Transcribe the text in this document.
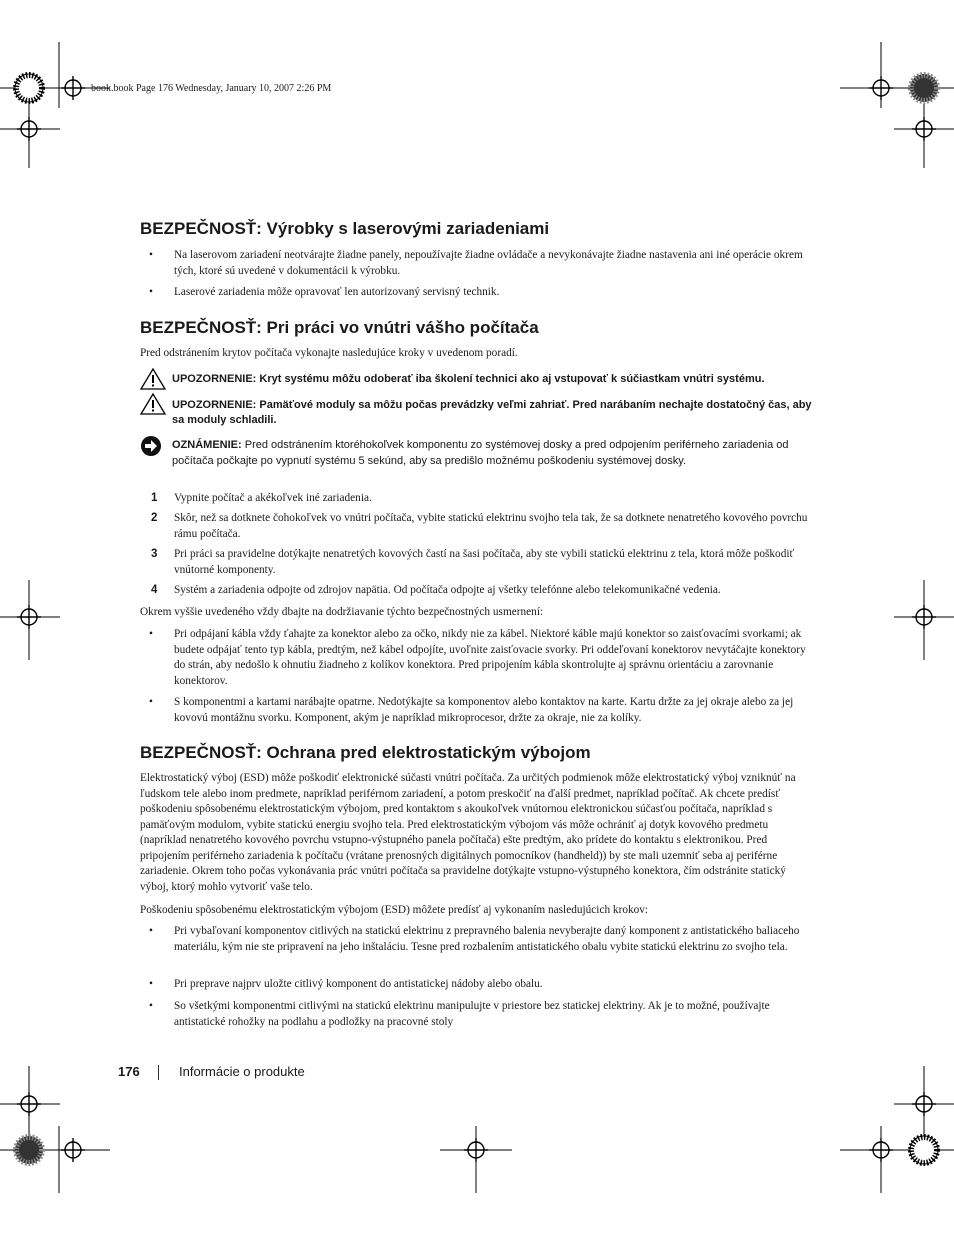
book.book Page 176 Wednesday, January 10, 2007 2:26 PM
BEZPEČNOSŤ: Výrobky s laserovými zariadeniami
• Na laserovom zariadení neotvárajte žiadne panely, nepoužívajte žiadne ovládače a nevykonávajte žiadne nastavenia ani iné operácie okrem tých, ktoré sú uvedené v dokumentácii k výrobku.
• Laserové zariadenia môže opravovať len autorizovaný servisný technik.
BEZPEČNOSŤ: Pri práci vo vnútri vášho počítača

Pred odstránením krytov počítača vykonajte nasledujúce kroky v uvedenom poradí.

UPOZORNENIE: Kryt systému môžu odoberať iba školení technici ako aj vstupovať k súčiastkam vnútri systému.
UPOZORNENIE: Pamäťové moduly sa môžu počas prevádzky veľmi zahriať. Pred narábaním nechajte dostatočný čas, aby sa moduly schladili.
OZNÁMENIE: Pred odstránením ktoréhokoľvek komponentu zo systémovej dosky a pred odpojením periférneho zariadenia od počítača počkajte po vypnutí systému 5 sekúnd, aby sa predišlo možnému poškodeniu systémovej dosky.
1 Vypnite počítač a akékoľvek iné zariadenia.
2 Skôr, než sa dotknete čohokoľvek vo vnútri počítača, vybite statickú elektrinu svojho tela tak, že sa dotknete nenatretého kovového povrchu rámu počítača.
3 Pri práci sa pravidelne dotýkajte nenatretých kovových častí na šasi počítača, aby ste vybili statickú elektrinu z tela, ktorá môže poškodiť vnútorné komponenty.
4 Systém a zariadenia odpojte od zdrojov napätia. Od počítača odpojte aj všetky telefónne alebo telekomunikačné vedenia.

Okrem vyššie uvedeného vždy dbajte na dodržiavanie týchto bezpečnostných usmernení:

• Pri odpájaní kábla vždy ťahajte za konektor alebo za očko, nikdy nie za kábel. Niektoré káble majú konektor so zaisťovacími svorkami; ak budete odpájať tento typ kábla, predtým, než kábel odpojíte, uvoľnite zaisťovacie svorky. Pri oddeľovaní konektorov nevytáčajte konektory do strán, aby nedošlo k ohnutiu žiadneho z kolíkov konektora. Pred pripojením kábla skontrolujte aj správnu orientáciu a zarovnanie konektorov.
• S komponentmi a kartami narábajte opatrne. Nedotýkajte sa komponentov alebo kontaktov na karte. Kartu držte za jej okraje alebo za jej kovovú montážnu svorku. Komponent, akým je napríklad mikroprocesor, držte za okraje, nie za kolíky.
BEZPEČNOSŤ: Ochrana pred elektrostatickým výbojom

Elektrostatický výboj (ESD) môže poškodiť elektronické súčasti vnútri počítača. Za určitých podmienok môže elektrostatický výboj vzniknúť na ľudskom tele alebo inom predmete, napríklad periférnom zariadení, a potom preskočiť na ďalší predmet, napríklad počítač. Ak chcete predísť poškodeniu spôsobenému elektrostatickým výbojom, pred kontaktom s akoukoľvek vnútornou elektronickou súčasťou počítača, napríklad s pamäťovým modulom, vybite statickú energiu svojho tela. Pred elektrostatickým výbojom vás môže ochrániť aj dotyk kovového predmetu (napríklad nenatretého kovového povrchu vstupno-výstupného panela počítača) ešte predtým, ako prídete do kontaktu s elektronikou. Pred pripojením periférneho zariadenia k počítaču (vrátane prenosných digitálnych pomocníkov (handheld)) by ste mali uzemniť seba aj periférne zariadenie. Okrem toho počas vykonávania prác vnútri počítača sa pravidelne dotýkajte vstupno-výstupného konektora, čím odstránite statický výboj, ktorý mohlo vytvoriť vaše telo.

Poškodeniu spôsobenému elektrostatickým výbojom (ESD) môžete predísť aj vykonaním nasledujúcich krokov:

• Pri vybaľovaní komponentov citlivých na statickú elektrinu z prepravného balenia nevyberajte daný komponent z antistatického baliaceho materiálu, kým nie ste pripravení na jeho inštaláciu. Tesne pred rozbalením antistatického obalu vybite statickú elektrinu zo svojho tela.
• Pri preprave najprv uložte citlivý komponent do antistatickej nádoby alebo obalu.
• So všetkými komponentmi citlivými na statickú elektrinu manipulujte v priestore bez statickej elektriny. Ak je to možné, používajte antistatické rohožky na podlahu a podložky na pracovné stoly
176	Informácie o produkte
